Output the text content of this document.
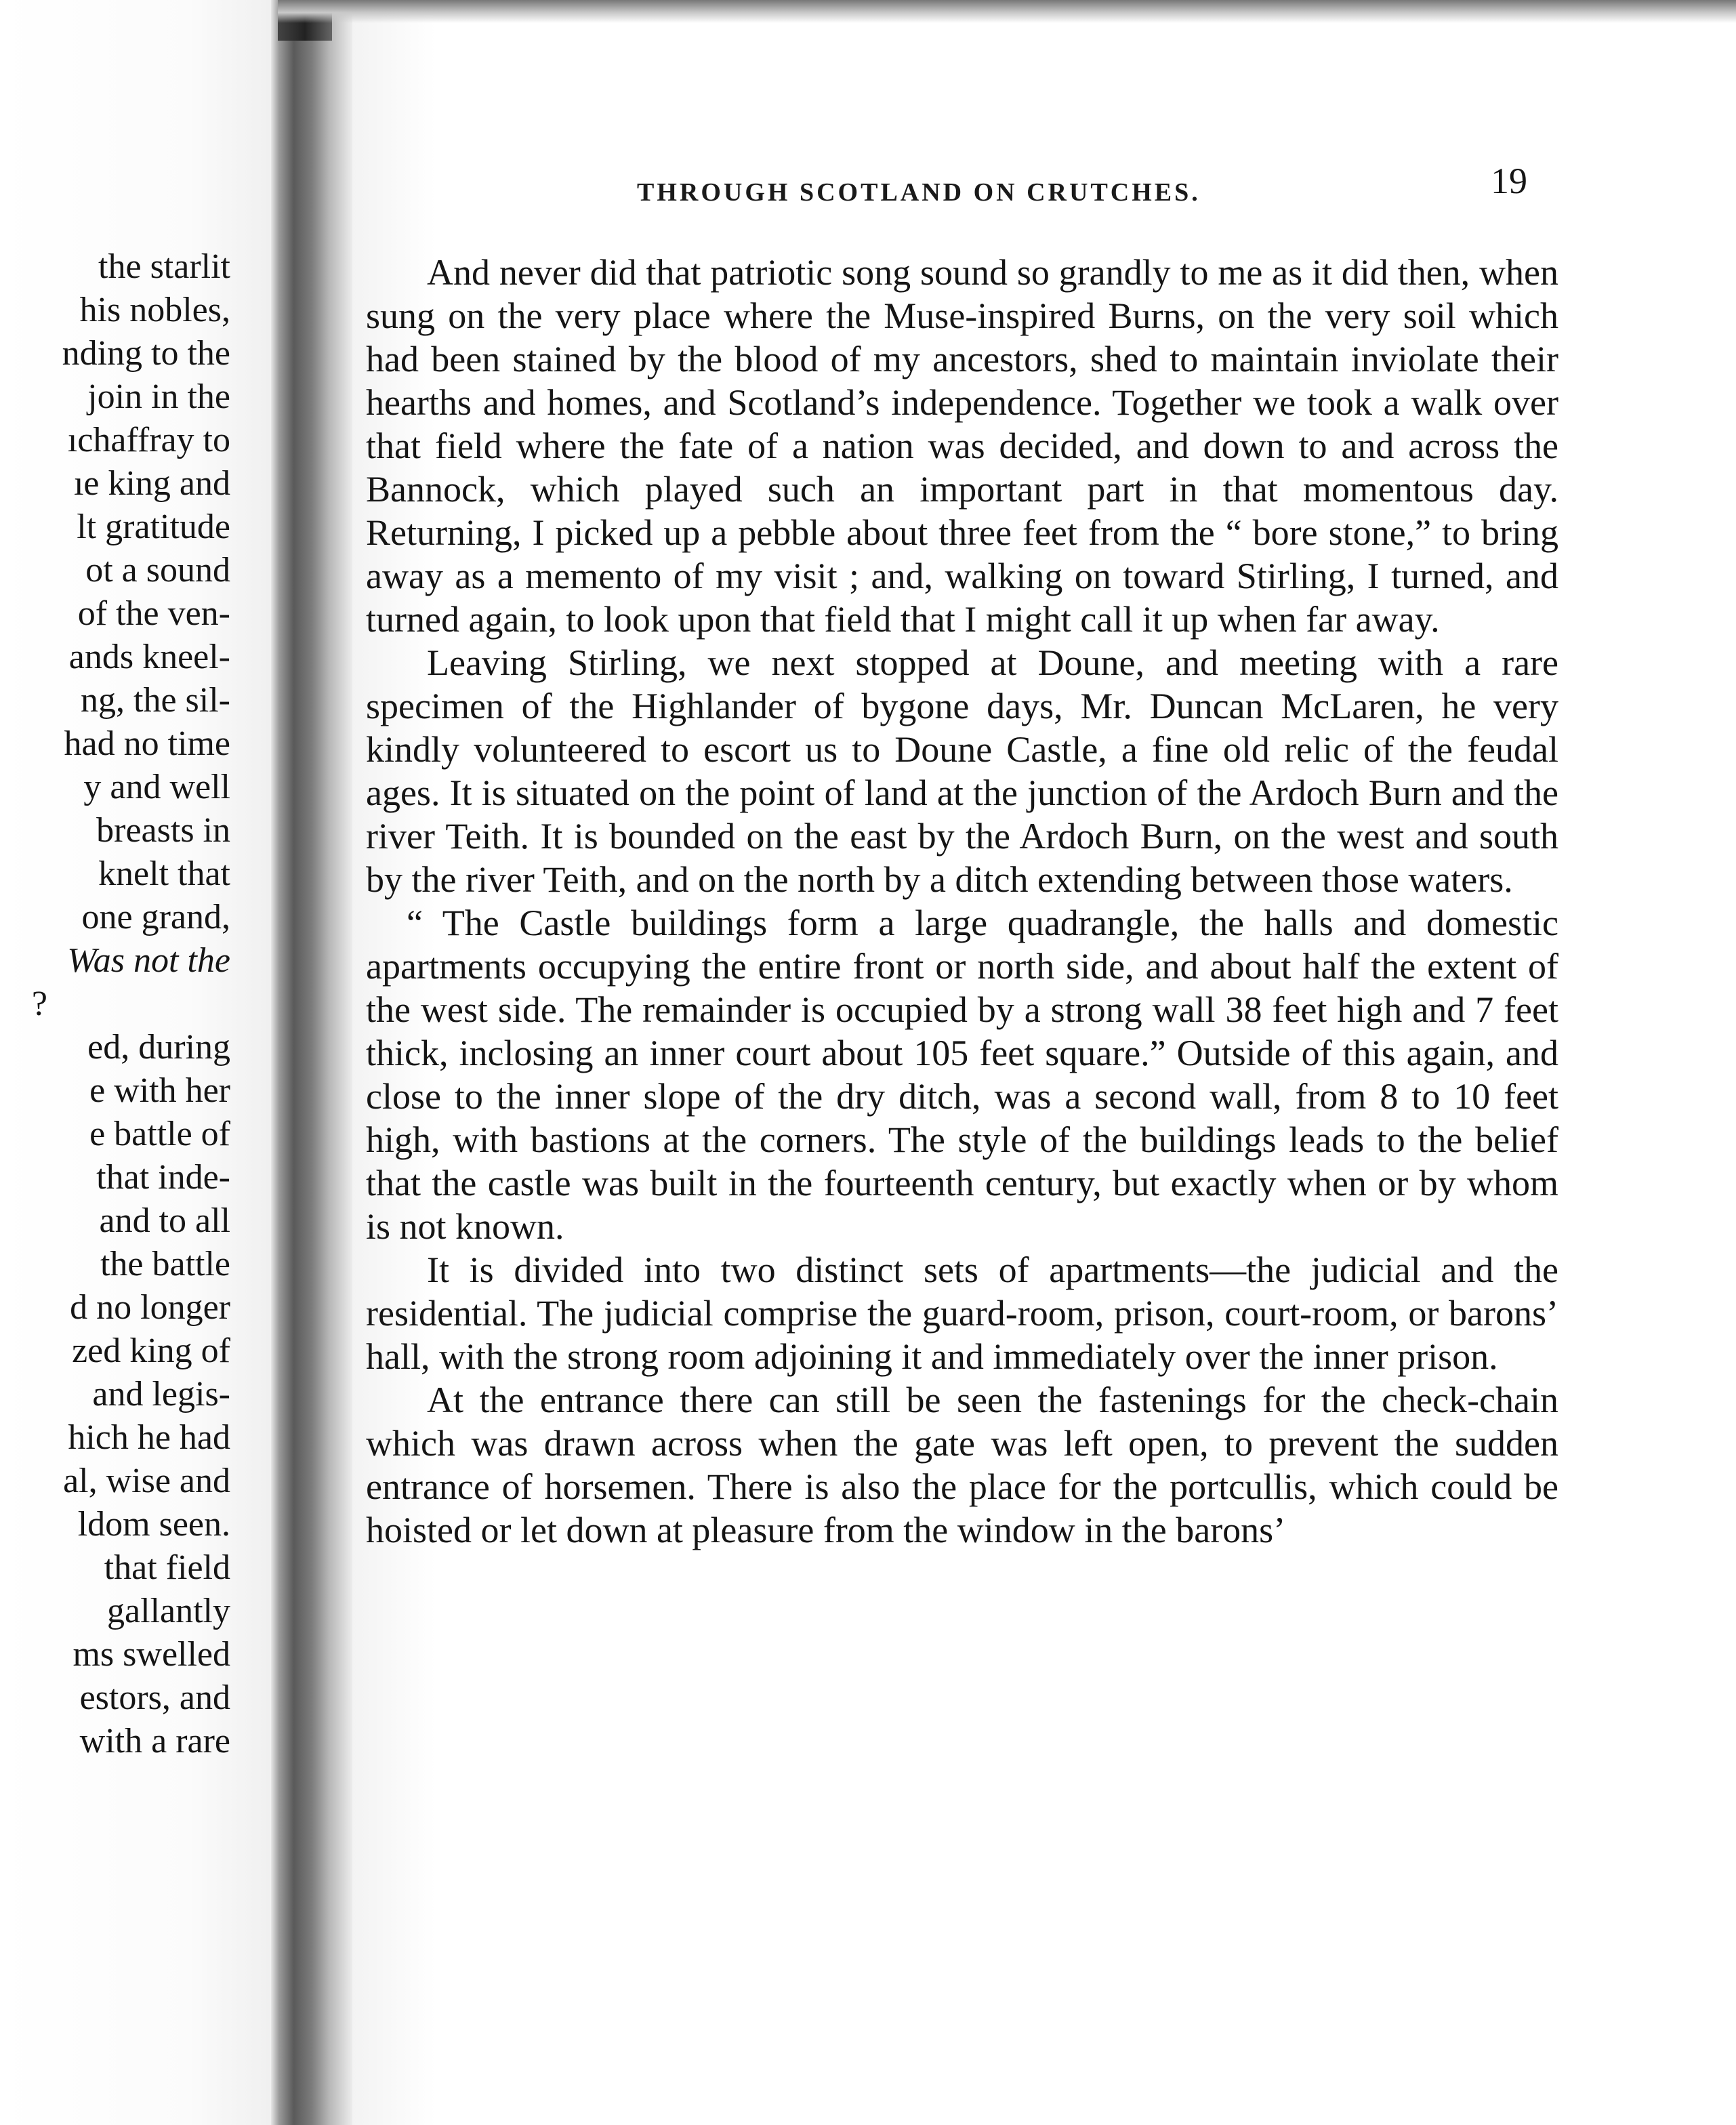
the starlit
his nobles,
nding to the
join in the
ıchaffray to
ıe king and
lt gratitude
ot a sound
of the ven-
ands kneel-
ng, the sil-
had no time
y and well
breasts in
knelt that
one grand,
Was not the
?
ed, during
e with her
e battle of
that inde-
and to all
the battle
d no longer
zed king of
and legis-
hich he had
al, wise and
ldom seen.
that field
gallantly
ms swelled
estors, and
with a rare
THROUGH SCOTLAND ON CRUTCHES.	19

And never did that patriotic song sound so grandly to me as it did then, when sung on the very place where the Muse-inspired Burns, on the very soil which had been stained by the blood of my ancestors, shed to maintain inviolate their hearths and homes, and Scotland’s independence. Together we took a walk over that field where the fate of a nation was decided, and down to and across the Bannock, which played such an important part in that momentous day. Returning, I picked up a pebble about three feet from the “ bore stone,” to bring away as a memento of my visit ; and, walking on toward Stirling, I turned, and turned again, to look upon that field that I might call it up when far away.

Leaving Stirling, we next stopped at Doune, and meeting with a rare specimen of the Highlander of bygone days, Mr. Duncan McLaren, he very kindly volunteered to escort us to Doune Castle, a fine old relic of the feudal ages. It is situated on the point of land at the junction of the Ardoch Burn and the river Teith. It is bounded on the east by the Ardoch Burn, on the west and south by the river Teith, and on the north by a ditch extending between those waters.

“ The Castle buildings form a large quadrangle, the halls and domestic apartments occupying the entire front or north side, and about half the extent of the west side. The remainder is occupied by a strong wall 38 feet high and 7 feet thick, inclosing an inner court about 105 feet square.” Outside of this again, and close to the inner slope of the dry ditch, was a second wall, from 8 to 10 feet high, with bastions at the corners. The style of the buildings leads to the belief that the castle was built in the fourteenth century, but exactly when or by whom is not known.

It is divided into two distinct sets of apartments—the judicial and the residential. The judicial comprise the guard-room, prison, court-room, or barons’ hall, with the strong room adjoining it and immediately over the inner prison.

At the entrance there can still be seen the fastenings for the check-chain which was drawn across when the gate was left open, to prevent the sudden entrance of horsemen. There is also the place for the portcullis, which could be hoisted or let down at pleasure from the window in the barons’
